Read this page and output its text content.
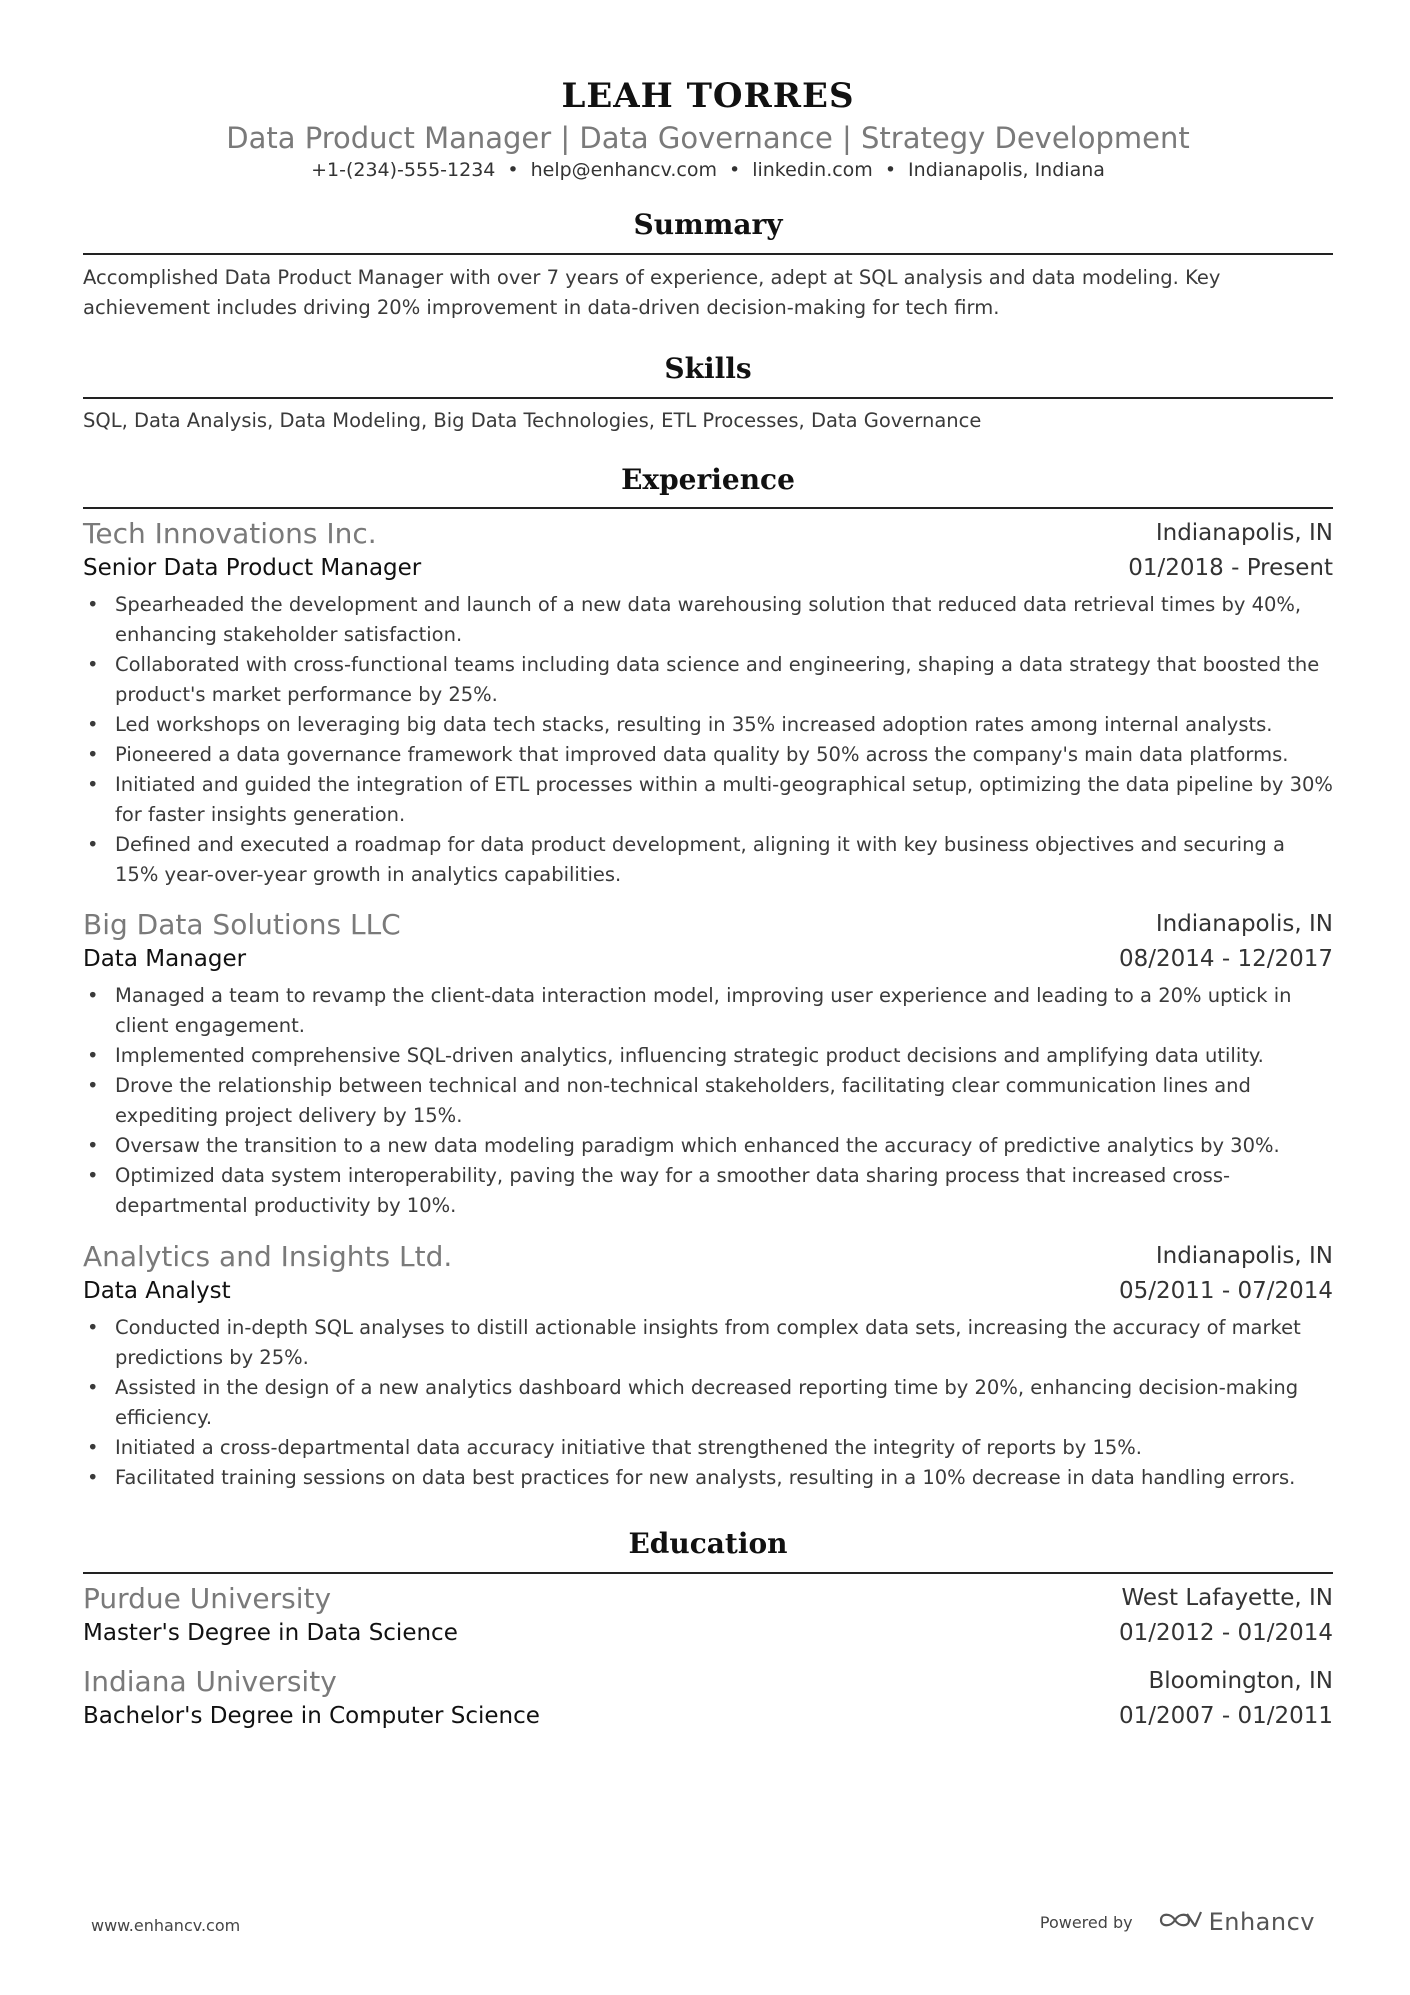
LEAH TORRES
Data Product Manager | Data Governance | Strategy Development
+1-(234)-555-1234 • help@enhancv.com • linkedin.com • Indianapolis, Indiana
Summary
Accomplished Data Product Manager with over 7 years of experience, adept at SQL analysis and data modeling. Key achievement includes driving 20% improvement in data-driven decision-making for tech firm.
Skills
SQL, Data Analysis, Data Modeling, Big Data Technologies, ETL Processes, Data Governance
Experience
Tech Innovations Inc.	Indianapolis, IN
Senior Data Product Manager	01/2018 - Present
• Spearheaded the development and launch of a new data warehousing solution that reduced data retrieval times by 40%, enhancing stakeholder satisfaction.
• Collaborated with cross-functional teams including data science and engineering, shaping a data strategy that boosted the product's market performance by 25%.
• Led workshops on leveraging big data tech stacks, resulting in 35% increased adoption rates among internal analysts.
• Pioneered a data governance framework that improved data quality by 50% across the company's main data platforms.
• Initiated and guided the integration of ETL processes within a multi-geographical setup, optimizing the data pipeline by 30% for faster insights generation.
• Defined and executed a roadmap for data product development, aligning it with key business objectives and securing a 15% year-over-year growth in analytics capabilities.
Big Data Solutions LLC	Indianapolis, IN
Data Manager	08/2014 - 12/2017
• Managed a team to revamp the client-data interaction model, improving user experience and leading to a 20% uptick in client engagement.
• Implemented comprehensive SQL-driven analytics, influencing strategic product decisions and amplifying data utility.
• Drove the relationship between technical and non-technical stakeholders, facilitating clear communication lines and expediting project delivery by 15%.
• Oversaw the transition to a new data modeling paradigm which enhanced the accuracy of predictive analytics by 30%.
• Optimized data system interoperability, paving the way for a smoother data sharing process that increased cross-departmental productivity by 10%.
Analytics and Insights Ltd.	Indianapolis, IN
Data Analyst	05/2011 - 07/2014
• Conducted in-depth SQL analyses to distill actionable insights from complex data sets, increasing the accuracy of market predictions by 25%.
• Assisted in the design of a new analytics dashboard which decreased reporting time by 20%, enhancing decision-making efficiency.
• Initiated a cross-departmental data accuracy initiative that strengthened the integrity of reports by 15%.
• Facilitated training sessions on data best practices for new analysts, resulting in a 10% decrease in data handling errors.
Education
Purdue University	West Lafayette, IN
Master's Degree in Data Science	01/2012 - 01/2014
Indiana University	Bloomington, IN
Bachelor's Degree in Computer Science	01/2007 - 01/2011
www.enhancv.com	Powered by	Enhancv
